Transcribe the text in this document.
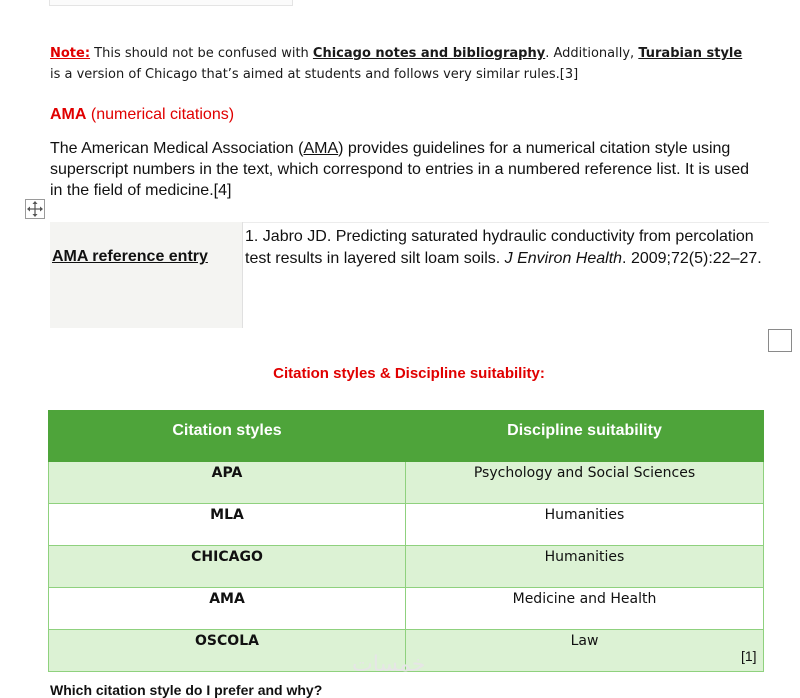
Note: This should not be confused with Chicago notes and bibliography. Additionally, Turabian style is a version of Chicago that’s aimed at students and follows very similar rules.[3]

AMA (numerical citations)

The American Medical Association (AMA) provides guidelines for a numerical citation style using superscript numbers in the text, which correspond to entries in a numbered reference list. It is used in the field of medicine.[4]

AMA reference entry
1. Jabro JD. Predicting saturated hydraulic conductivity from percolation test results in layered silt loam soils. J Environ Health. 2009;72(5):22–27.
Citation styles & Discipline suitability:
Citation styles	Discipline suitability
APA	Psychology and Social Sciences
MLA	Humanities
CHICAGO	Humanities
AMA	Medicine and Health
OSCOLA	Law
[1]
خمسات
Which citation style do I prefer and why?
